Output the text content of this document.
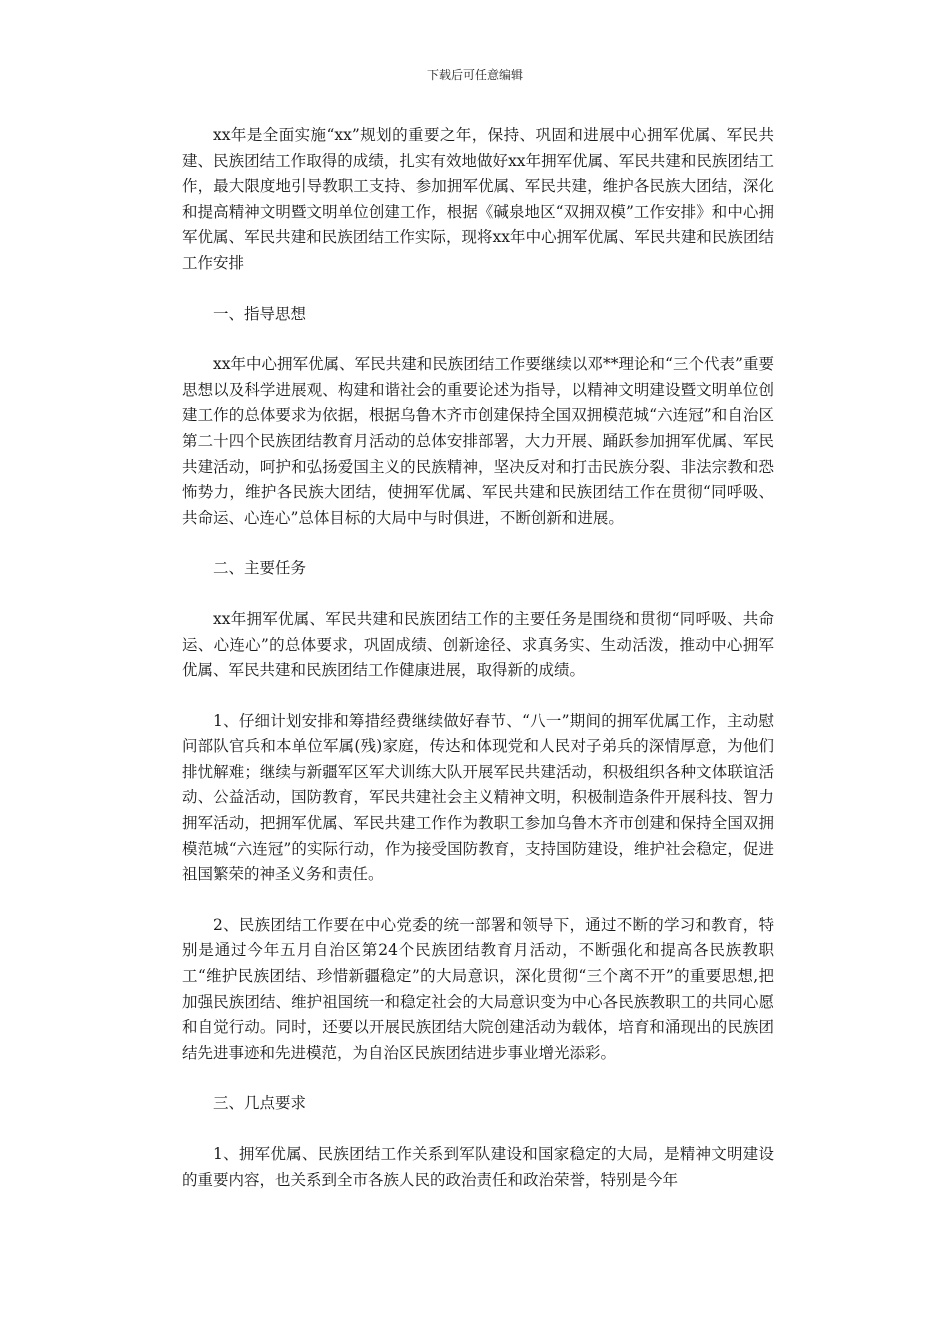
下载后可任意编辑

xx年是全面实施“xx”规划的重要之年，保持、巩固和进展中心拥军优属、军民共建、民族团结工作取得的成绩，扎实有效地做好xx年拥军优属、军民共建和民族团结工作，最大限度地引导教职工支持、参加拥军优属、军民共建，维护各民族大团结，深化和提高精神文明暨文明单位创建工作，根据《碱泉地区“双拥双模”工作安排》和中心拥军优属、军民共建和民族团结工作实际，现将xx年中心拥军优属、军民共建和民族团结工作安排

一、指导思想

xx年中心拥军优属、军民共建和民族团结工作要继续以邓**理论和“三个代表”重要思想以及科学进展观、构建和谐社会的重要论述为指导，以精神文明建设暨文明单位创建工作的总体要求为依据，根据乌鲁木齐市创建保持全国双拥模范城“六连冠”和自治区第二十四个民族团结教育月活动的总体安排部署，大力开展、踊跃参加拥军优属、军民共建活动，呵护和弘扬爱国主义的民族精神，坚决反对和打击民族分裂、非法宗教和恐怖势力，维护各民族大团结，使拥军优属、军民共建和民族团结工作在贯彻“同呼吸、共命运、心连心”总体目标的大局中与时俱进，不断创新和进展。

二、主要任务

xx年拥军优属、军民共建和民族团结工作的主要任务是围绕和贯彻“同呼吸、共命运、心连心”的总体要求，巩固成绩、创新途径、求真务实、生动活泼，推动中心拥军优属、军民共建和民族团结工作健康进展，取得新的成绩。

1、仔细计划安排和筹措经费继续做好春节、“八一”期间的拥军优属工作，主动慰问部队官兵和本单位军属(残)家庭，传达和体现党和人民对子弟兵的深情厚意，为他们排忧解难；继续与新疆军区军犬训练大队开展军民共建活动，积极组织各种文体联谊活动、公益活动，国防教育，军民共建社会主义精神文明，积极制造条件开展科技、智力拥军活动，把拥军优属、军民共建工作作为教职工参加乌鲁木齐市创建和保持全国双拥模范城“六连冠”的实际行动，作为接受国防教育，支持国防建设，维护社会稳定，促进祖国繁荣的神圣义务和责任。

2、民族团结工作要在中心党委的统一部署和领导下，通过不断的学习和教育，特别是通过今年五月自治区第24个民族团结教育月活动，不断强化和提高各民族教职工“维护民族团结、珍惜新疆稳定”的大局意识，深化贯彻“三个离不开”的重要思想,把加强民族团结、维护祖国统一和稳定社会的大局意识变为中心各民族教职工的共同心愿和自觉行动。同时，还要以开展民族团结大院创建活动为载体，培育和涌现出的民族团结先进事迹和先进模范，为自治区民族团结进步事业增光添彩。

三、几点要求

1、拥军优属、民族团结工作关系到军队建设和国家稳定的大局，是精神文明建设的重要内容，也关系到全市各族人民的政治责任和政治荣誉，特别是今年
